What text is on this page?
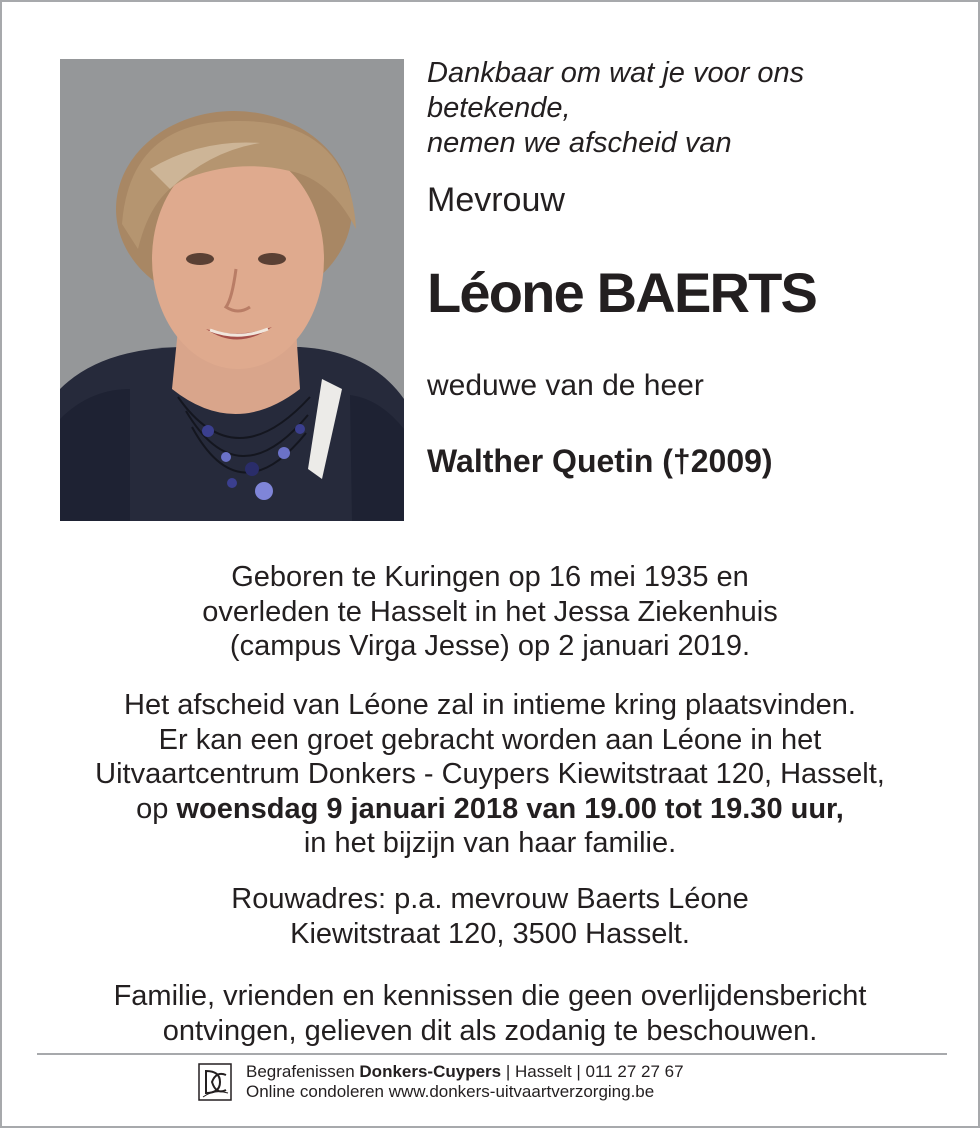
Dankbaar om wat je voor ons
betekende,
nemen we afscheid van
Mevrouw
Léone BAERTS
weduwe van de heer
Walther Quetin (†2009)
Geboren te Kuringen op 16 mei 1935 en
overleden te Hasselt in het Jessa Ziekenhuis
(campus Virga Jesse) op 2 januari 2019.
Het afscheid van Léone zal in intieme kring plaatsvinden.
Er kan een groet gebracht worden aan Léone in het
Uitvaartcentrum Donkers - Cuypers Kiewitstraat 120, Hasselt,
op woensdag 9 januari 2018 van 19.00 tot 19.30 uur,
in het bijzijn van haar familie.
Rouwadres: p.a. mevrouw Baerts Léone
Kiewitstraat 120, 3500 Hasselt.
Familie, vrienden en kennissen die geen overlijdensbericht
ontvingen, gelieven dit als zodanig te beschouwen.
Begrafenissen Donkers-Cuypers | Hasselt | 011 27 27 67
Online condoleren www.donkers-uitvaartverzorging.be
